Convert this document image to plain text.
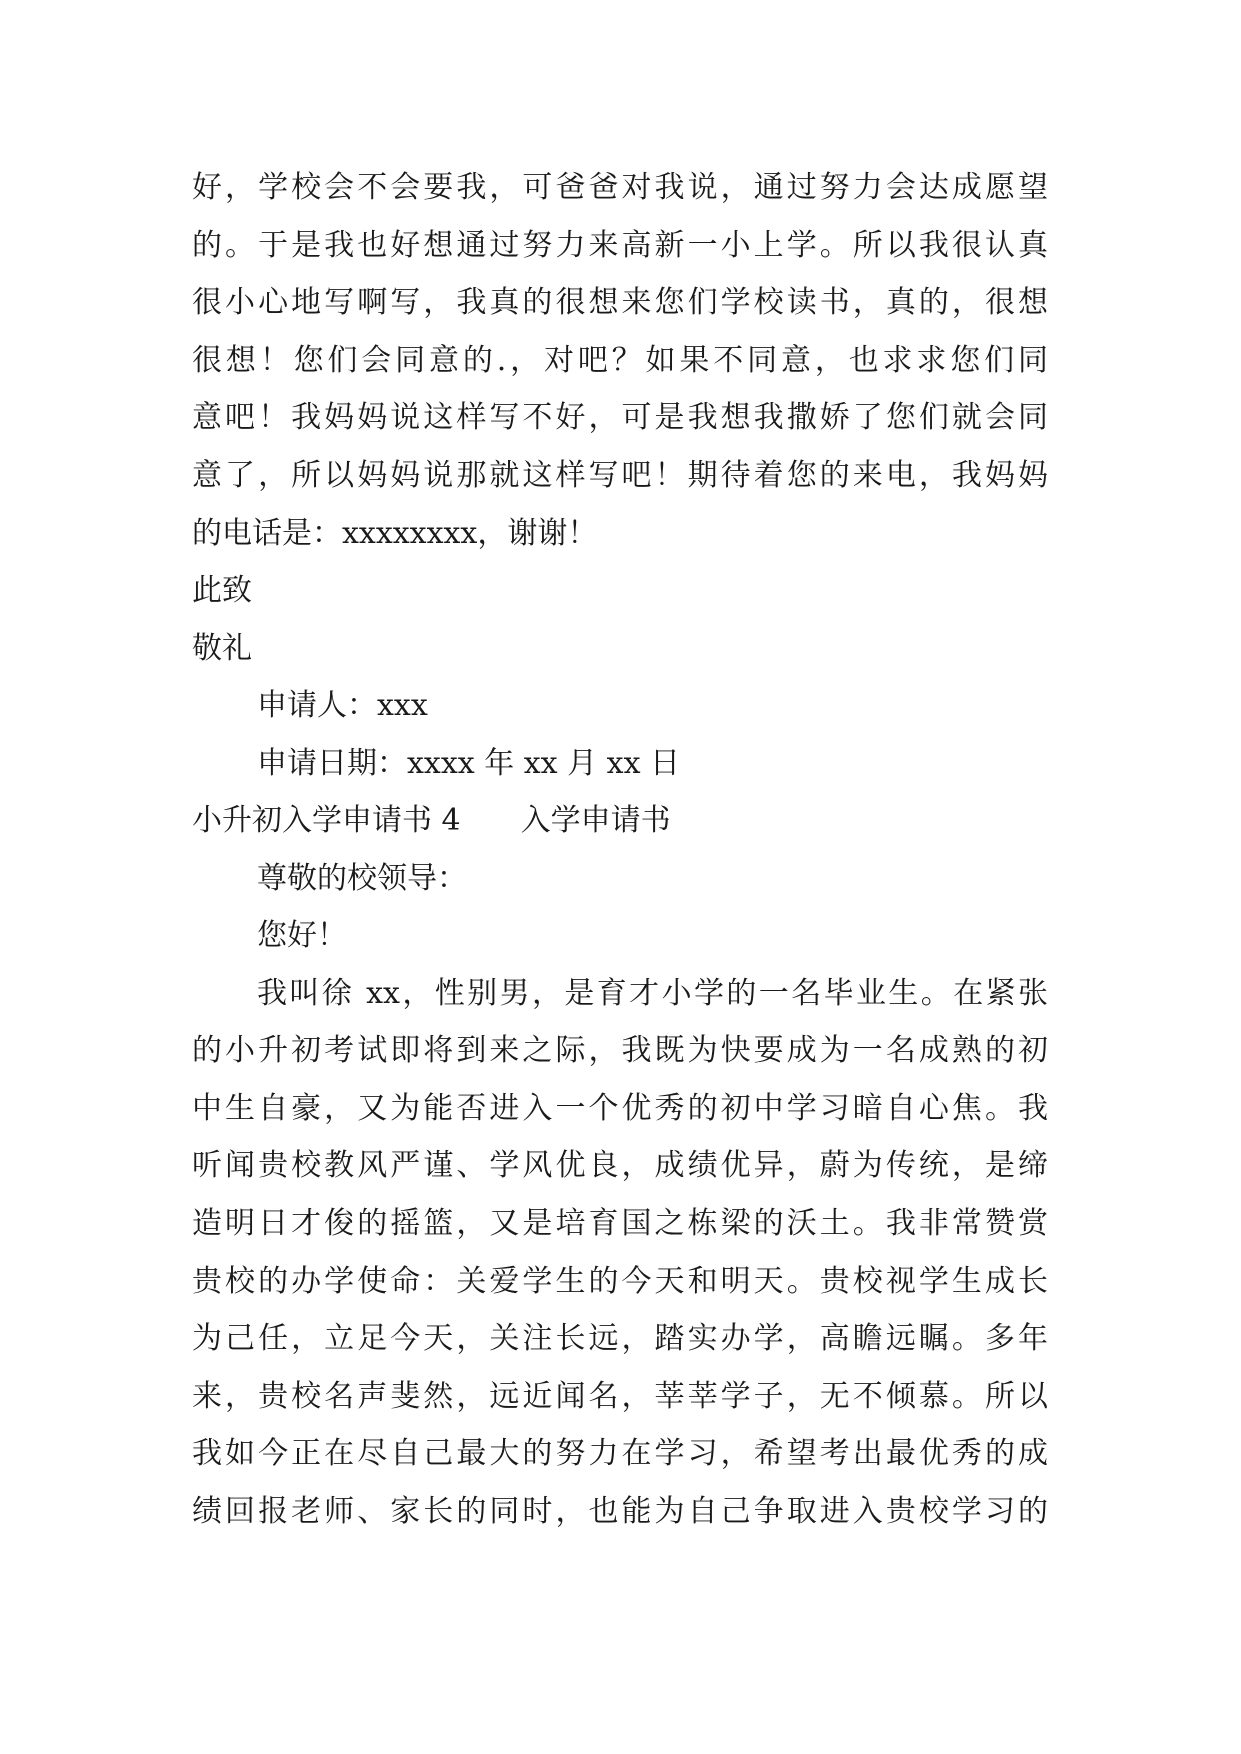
好，学校会不会要我，可爸爸对我说，通过努力会达成愿望
的。于是我也好想通过努力来高新一小上学。所以我很认真
很小心地写啊写，我真的很想来您们学校读书，真的，很想
很想！您们会同意的.，对吧？如果不同意，也求求您们同
意吧！我妈妈说这样写不好，可是我想我撒娇了您们就会同
意了，所以妈妈说那就这样写吧！期待着您的来电，我妈妈
的电话是：xxxxxxxx，谢谢！
此致
敬礼
申请人：xxx
申请日期：xxxx 年 xx 月 xx 日
小升初入学申请书 4　　入学申请书
尊敬的校领导：
您好！
我叫徐 xx，性别男，是育才小学的一名毕业生。在紧张
的小升初考试即将到来之际，我既为快要成为一名成熟的初
中生自豪，又为能否进入一个优秀的初中学习暗自心焦。我
听闻贵校教风严谨、学风优良，成绩优异，蔚为传统，是缔
造明日才俊的摇篮，又是培育国之栋梁的沃土。我非常赞赏
贵校的办学使命：关爱学生的今天和明天。贵校视学生成长
为己任，立足今天，关注长远，踏实办学，高瞻远瞩。多年
来，贵校名声斐然，远近闻名，莘莘学子，无不倾慕。所以
我如今正在尽自己最大的努力在学习，希望考出最优秀的成
绩回报老师、家长的同时，也能为自己争取进入贵校学习的
